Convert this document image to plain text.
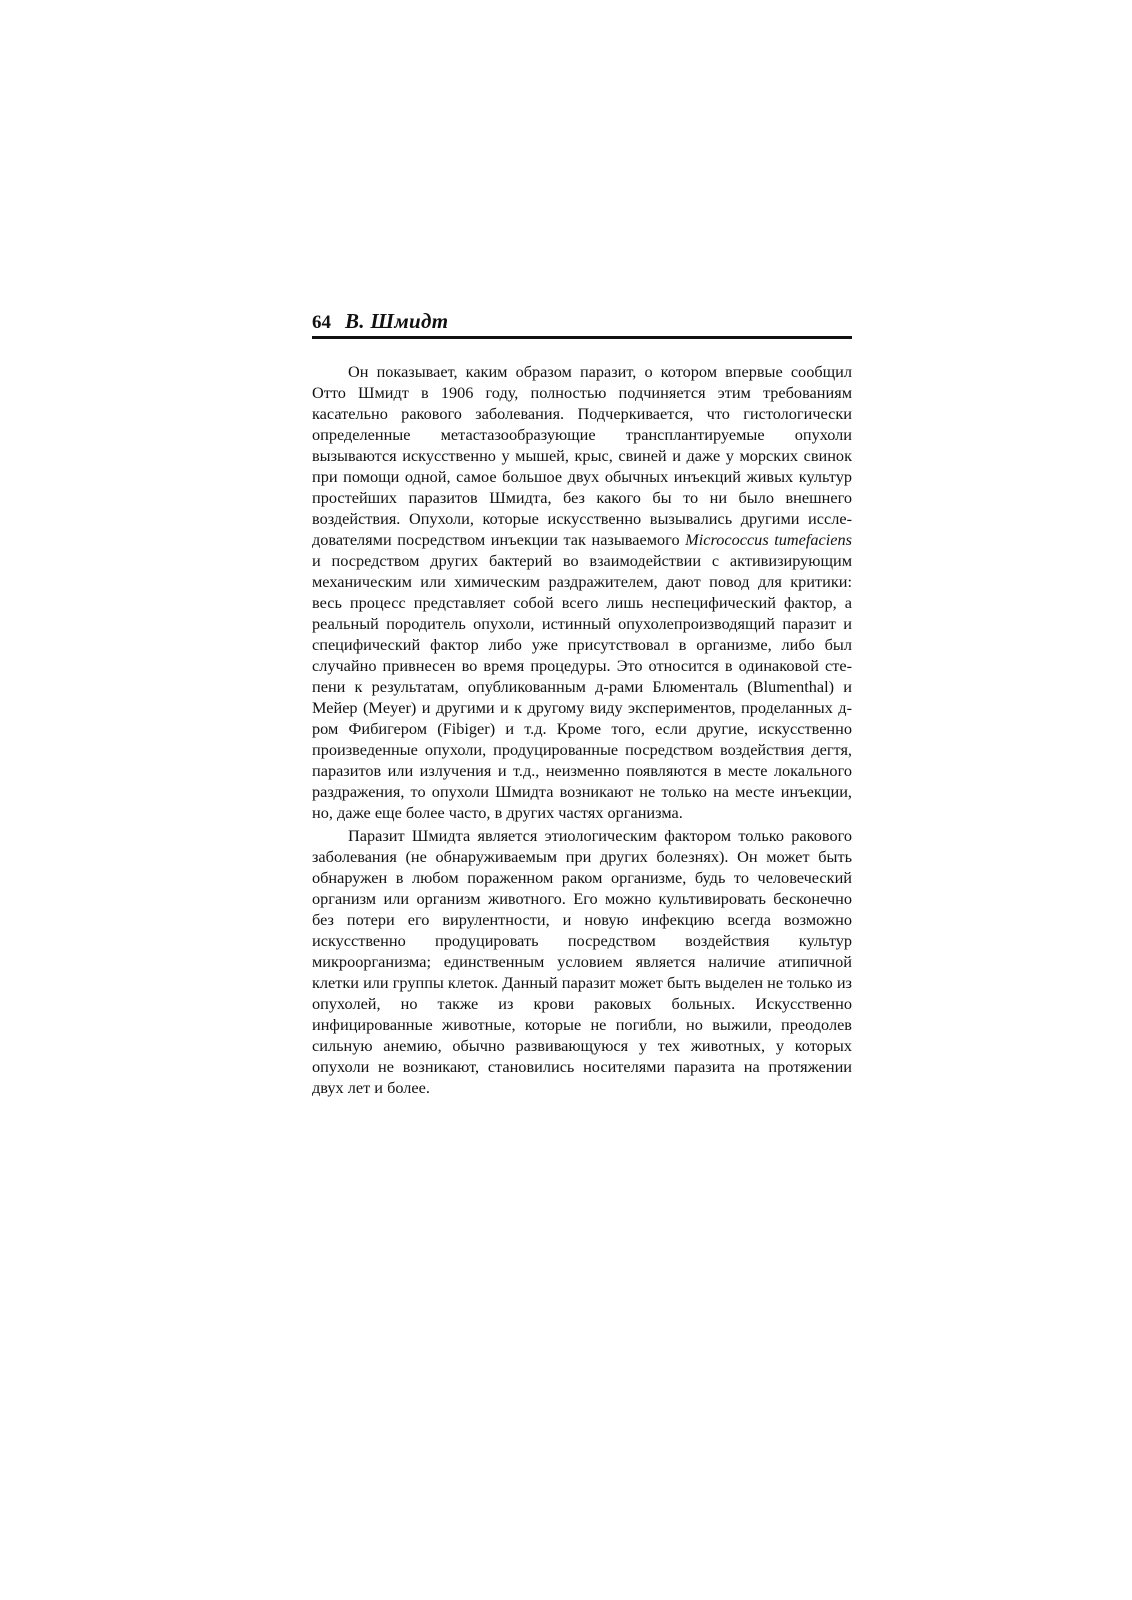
64 В. Шмидт

Он показывает, каким образом паразит, о котором впервые сообщил Отто Шмидт в 1906 году, полностью подчиняется этим требованиям касательно ракового заболевания. Подчеркивается, что гистологически определенные метастазообразующие трансплантируемые опухоли вызываются искусственно у мышей, крыс, свиней и даже у морских свинок при помощи одной, самое большое двух обычных инъекций живых культур простейших паразитов Шмидта, без какого бы то ни было внешнего воздействия. Опухоли, которые искусственно вызывались другими исследователями посредством инъекции так называемого Micrococcus tumefaciens и посредством других бактерий во взаимодействии с активизирующим механическим или химическим раздражителем, дают повод для критики: весь процесс представляет собой всего лишь неспецифический фактор, а реальный породитель опухоли, истинный опухолепроизводящий паразит и специфический фактор либо уже присутствовал в организме, либо был случайно привнесен во время процедуры. Это относится в одинаковой степени к результатам, опубликованным д-рами Блюменталь (Blumenthal) и Мейер (Meyer) и другими и к другому виду экспериментов, проделанных д-ром Фибигером (Fibiger) и т.д. Кроме того, если другие, искусственно произведенные опухоли, продуцированные посредством воздействия дегтя, паразитов или излучения и т.д., неизменно появляются в месте локального раздражения, то опухоли Шмидта возникают не только на месте инъекции, но, даже еще более часто, в других частях организма.

Паразит Шмидта является этиологическим фактором только ракового заболевания (не обнаруживаемым при других болезнях). Он может быть обнаружен в любом пораженном раком организме, будь то человеческий организм или организм животного. Его можно культивировать бесконечно без потери его вирулентности, и новую инфекцию всегда возможно искусственно продуцировать посредством воздействия культур микроорганизма; единственным условием является наличие атипичной клетки или группы клеток. Данный паразит может быть выделен не только из опухолей, но также из крови раковых больных. Искусственно инфицированные животные, которые не погибли, но выжили, преодолев сильную анемию, обычно развивающуюся у тех животных, у которых опухоли не возникают, становились носителями паразита на протяжении двух лет и более.
